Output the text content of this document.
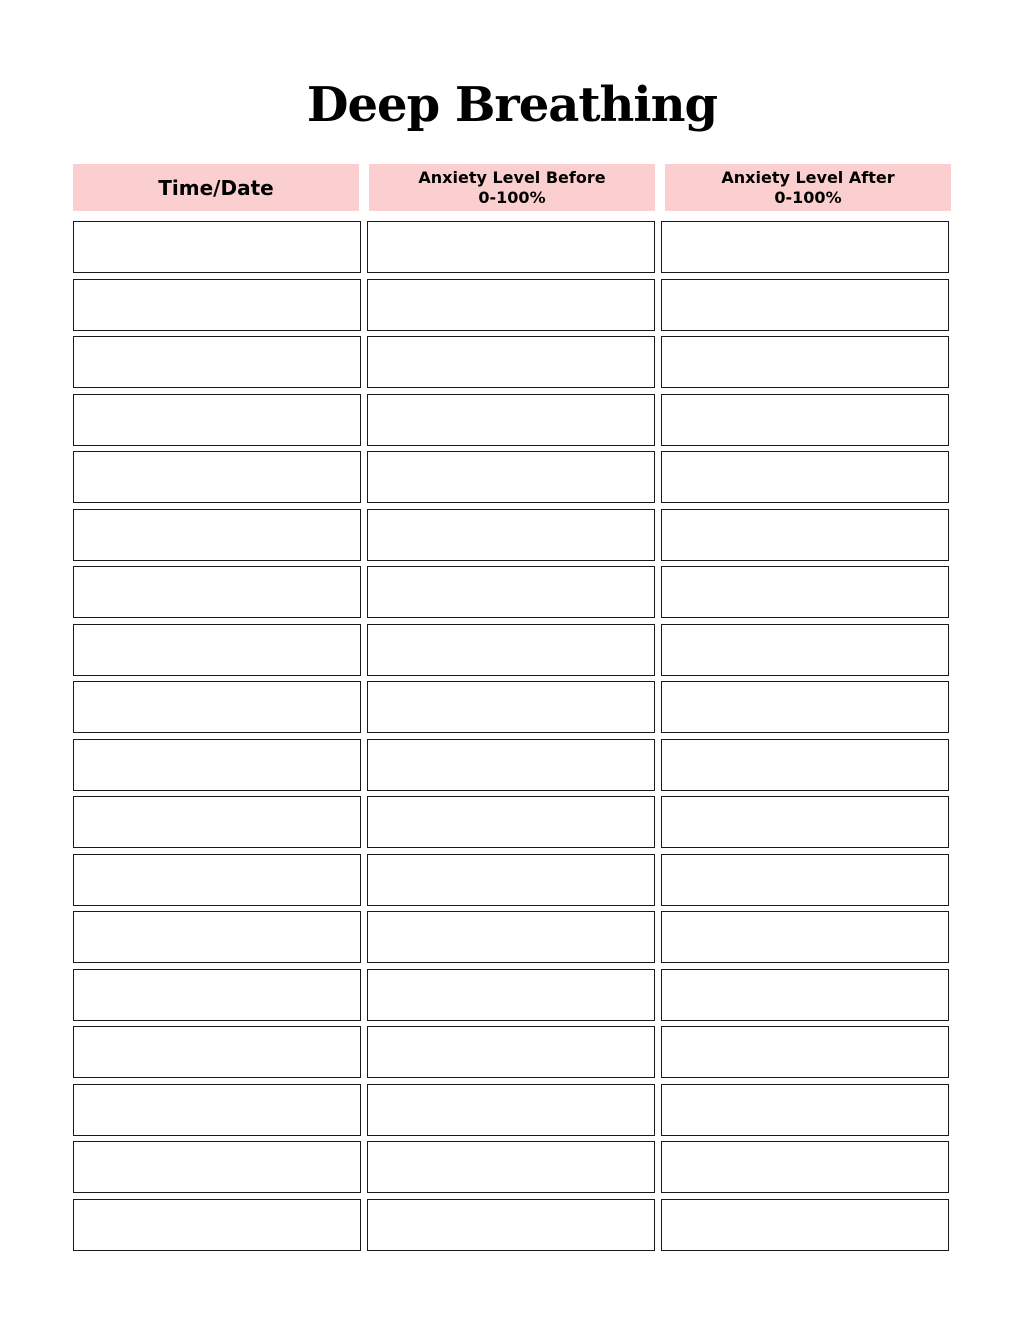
Deep Breathing
Time/Date	Anxiety Level Before
0-100%
Anxiety Level After
0-100%
